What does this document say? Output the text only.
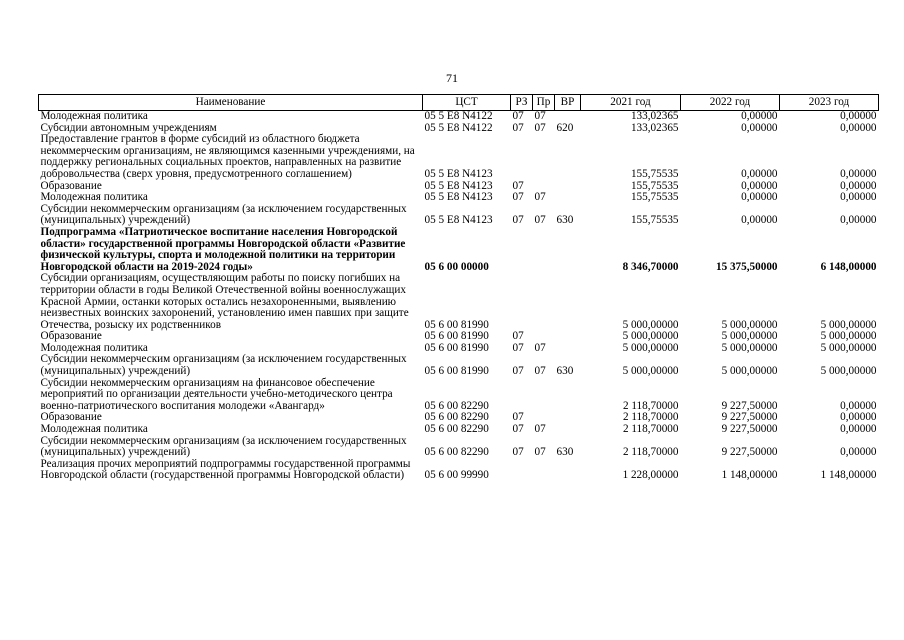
71
Наименование	ЦСТ	РЗ	Пр	ВР	2021 год	2022 год	2023 год
Молодежная политика	05 5 E8 N4122	07	07		133,02365	0,00000	0,00000
Субсидии автономным учреждениям	05 5 E8 N4122	07	07	620	133,02365	0,00000	0,00000
Предоставление грантов в форме субсидий из областного бюджета некоммерческим организациям, не являющимся казенными учреждениями, на поддержку региональных социальных проектов, направленных на развитие добровольчества (сверх уровня, предусмотренного соглашением)	05 5 E8 N4123				155,75535	0,00000	0,00000
Образование	05 5 E8 N4123	07			155,75535	0,00000	0,00000
Молодежная политика	05 5 E8 N4123	07	07		155,75535	0,00000	0,00000
Субсидии некоммерческим организациям (за исключением государственных (муниципальных) учреждений)	05 5 E8 N4123	07	07	630	155,75535	0,00000	0,00000
Подпрограмма «Патриотическое воспитание населения Новгородской области» государственной программы Новгородской области «Развитие физической культуры, спорта и молодежной политики на территории Новгородской области на 2019-2024 годы»	05 6 00 00000				8 346,70000	15 375,50000	6 148,00000
Субсидии организациям, осуществляющим работы по поиску погибших на территории области в годы Великой Отечественной войны военнослужащих Красной Армии, останки которых остались незахороненными, выявлению неизвестных воинских захоронений, установлению имен павших при защите Отечества, розыску их родственников	05 6 00 81990				5 000,00000	5 000,00000	5 000,00000
Образование	05 6 00 81990	07			5 000,00000	5 000,00000	5 000,00000
Молодежная политика	05 6 00 81990	07	07		5 000,00000	5 000,00000	5 000,00000
Субсидии некоммерческим организациям (за исключением государственных (муниципальных) учреждений)	05 6 00 81990	07	07	630	5 000,00000	5 000,00000	5 000,00000
Субсидии некоммерческим организациям на финансовое обеспечение мероприятий по организации деятельности учебно-методического центра военно-патриотического воспитания молодежи «Авангард»	05 6 00 82290				2 118,70000	9 227,50000	0,00000
Образование	05 6 00 82290	07			2 118,70000	9 227,50000	0,00000
Молодежная политика	05 6 00 82290	07	07		2 118,70000	9 227,50000	0,00000
Субсидии некоммерческим организациям (за исключением государственных (муниципальных) учреждений)	05 6 00 82290	07	07	630	2 118,70000	9 227,50000	0,00000
Реализация прочих мероприятий подпрограммы государственной программы Новгородской области (государственной программы Новгородской области)	05 6 00 99990				1 228,00000	1 148,00000	1 148,00000
